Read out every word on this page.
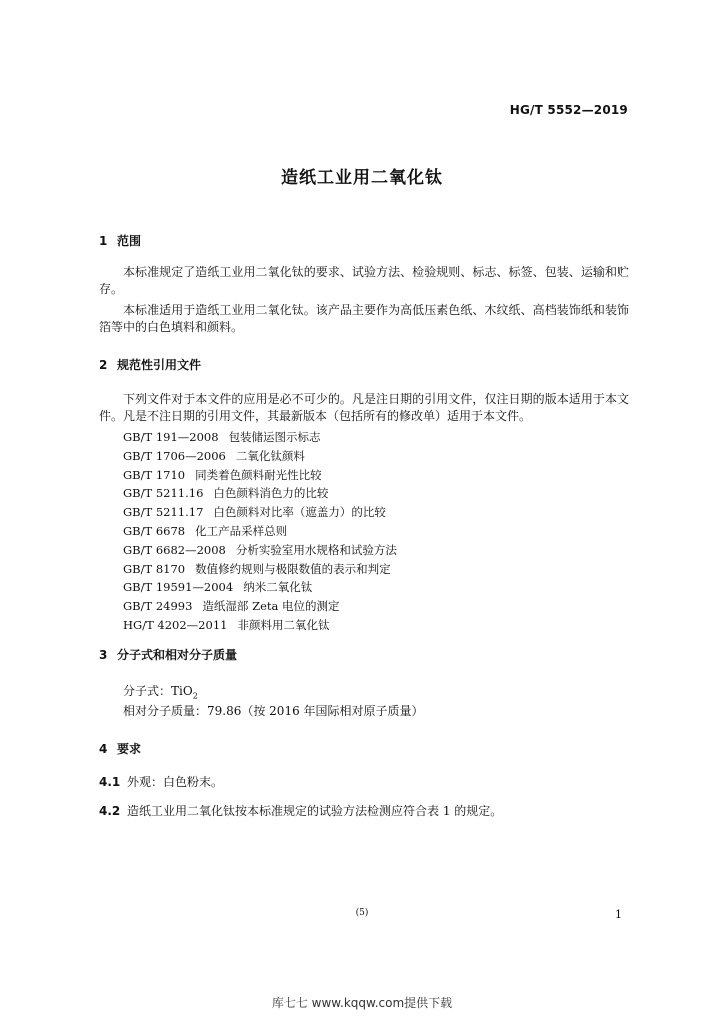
HG/T 5552—2019
造纸工业用二氧化钛
1 范围

本标准规定了造纸工业用二氧化钛的要求、试验方法、检验规则、标志、标签、包装、运输和贮存。

本标准适用于造纸工业用二氧化钛。该产品主要作为高低压素色纸、木纹纸、高档装饰纸和装饰箔等中的白色填料和颜料。

2 规范性引用文件

下列文件对于本文件的应用是必不可少的。凡是注日期的引用文件，仅注日期的版本适用于本文件。凡是不注日期的引用文件，其最新版本（包括所有的修改单）适用于本文件。

GB/T 191—2008 包装储运图示标志
GB/T 1706—2006 二氧化钛颜料
GB/T 1710 同类着色颜料耐光性比较
GB/T 5211.16 白色颜料消色力的比较
GB/T 5211.17 白色颜料对比率（遮盖力）的比较
GB/T 6678 化工产品采样总则
GB/T 6682—2008 分析实验室用水规格和试验方法
GB/T 8170 数值修约规则与极限数值的表示和判定
GB/T 19591—2004 纳米二氧化钛
GB/T 24993 造纸湿部 Zeta 电位的测定
HG/T 4202—2011 非颜料用二氧化钛
3 分子式和相对分子质量
分子式：TiO$_2$
相对分子质量：79.86（按 2016 年国际相对原子质量）
4 要求
4.1 外观：白色粉末。
4.2 造纸工业用二氧化钛按本标准规定的试验方法检测应符合表 1 的规定。
(5)	1
库七七 www.kqqw.com提供下载
